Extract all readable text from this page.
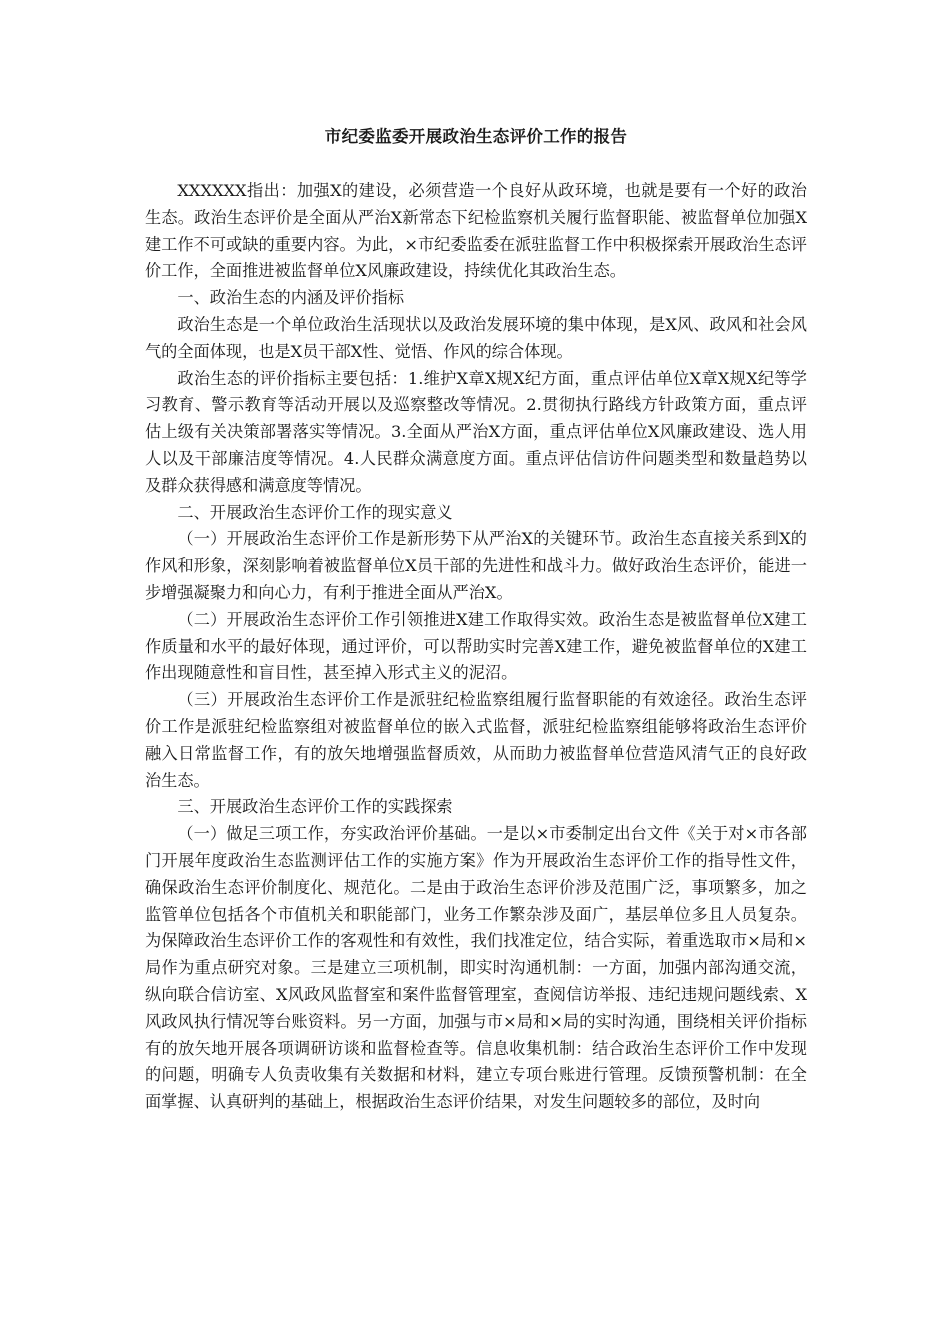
市纪委监委开展政治生态评价工作的报告

XXXXXX指出：加强X的建设，必须营造一个良好从政环境，也就是要有一个好的政治生态。政治生态评价是全面从严治X新常态下纪检监察机关履行监督职能、被监督单位加强X建工作不可或缺的重要内容。为此，×市纪委监委在派驻监督工作中积极探索开展政治生态评价工作，全面推进被监督单位X风廉政建设，持续优化其政治生态。

一、政治生态的内涵及评价指标

政治生态是一个单位政治生活现状以及政治发展环境的集中体现，是X风、政风和社会风气的全面体现，也是X员干部X性、觉悟、作风的综合体现。

政治生态的评价指标主要包括：1.维护X章X规X纪方面，重点评估单位X章X规X纪等学习教育、警示教育等活动开展以及巡察整改等情况。2.贯彻执行路线方针政策方面，重点评估上级有关决策部署落实等情况。3.全面从严治X方面，重点评估单位X风廉政建设、选人用人以及干部廉洁度等情况。4.人民群众满意度方面。重点评估信访件问题类型和数量趋势以及群众获得感和满意度等情况。

二、开展政治生态评价工作的现实意义

（一）开展政治生态评价工作是新形势下从严治X的关键环节。政治生态直接关系到X的作风和形象，深刻影响着被监督单位X员干部的先进性和战斗力。做好政治生态评价，能进一步增强凝聚力和向心力，有利于推进全面从严治X。

（二）开展政治生态评价工作引领推进X建工作取得实效。政治生态是被监督单位X建工作质量和水平的最好体现，通过评价，可以帮助实时完善X建工作，避免被监督单位的X建工作出现随意性和盲目性，甚至掉入形式主义的泥沼。

（三）开展政治生态评价工作是派驻纪检监察组履行监督职能的有效途径。政治生态评价工作是派驻纪检监察组对被监督单位的嵌入式监督，派驻纪检监察组能够将政治生态评价融入日常监督工作，有的放矢地增强监督质效，从而助力被监督单位营造风清气正的良好政治生态。

三、开展政治生态评价工作的实践探索

（一）做足三项工作，夯实政治评价基础。一是以×市委制定出台文件《关于对×市各部门开展年度政治生态监测评估工作的实施方案》作为开展政治生态评价工作的指导性文件，确保政治生态评价制度化、规范化。二是由于政治生态评价涉及范围广泛，事项繁多，加之监管单位包括各个市值机关和职能部门，业务工作繁杂涉及面广，基层单位多且人员复杂。为保障政治生态评价工作的客观性和有效性，我们找准定位，结合实际，着重选取市×局和×局作为重点研究对象。三是建立三项机制，即实时沟通机制：一方面，加强内部沟通交流，纵向联合信访室、X风政风监督室和案件监督管理室，查阅信访举报、违纪违规问题线索、X风政风执行情况等台账资料。另一方面，加强与市×局和×局的实时沟通，围绕相关评价指标有的放矢地开展各项调研访谈和监督检查等。信息收集机制：结合政治生态评价工作中发现的问题，明确专人负责收集有关数据和材料，建立专项台账进行管理。反馈预警机制：在全面掌握、认真研判的基础上，根据政治生态评价结果，对发生问题较多的部位，及时向
